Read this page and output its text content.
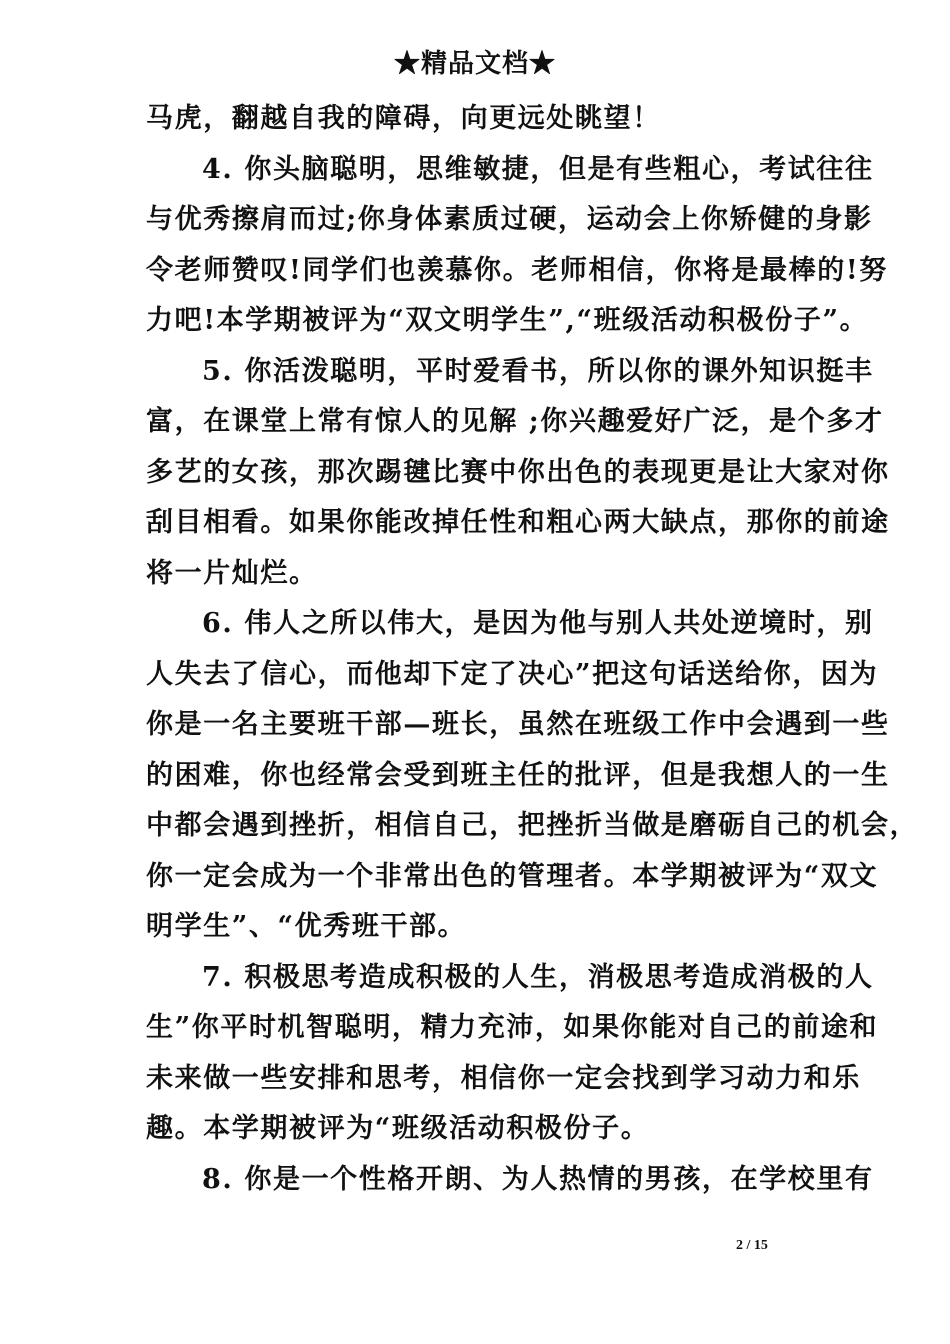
★精品文档★
马虎，翻越自我的障碍，向更远处眺望！
4. 你头脑聪明，思维敏捷，但是有些粗心，考试往往
与优秀擦肩而过;你身体素质过硬，运动会上你矫健的身影
令老师赞叹!同学们也羡慕你。老师相信，你将是最棒的!努
力吧!本学期被评为“双文明学生”,“班级活动积极份子”。
5. 你活泼聪明，平时爱看书，所以你的课外知识挺丰
富，在课堂上常有惊人的见解 ;你兴趣爱好广泛，是个多才
多艺的女孩，那次踢毽比赛中你出色的表现更是让大家对你
刮目相看。如果你能改掉任性和粗心两大缺点，那你的前途
将一片灿烂。
6. 伟人之所以伟大，是因为他与别人共处逆境时，别
人失去了信心，而他却下定了决心”把这句话送给你，因为
你是一名主要班干部—班长，虽然在班级工作中会遇到一些
的困难，你也经常会受到班主任的批评，但是我想人的一生
中都会遇到挫折，相信自己，把挫折当做是磨砺自己的机会，
你一定会成为一个非常出色的管理者。本学期被评为“双文
明学生”、“优秀班干部。
7. 积极思考造成积极的人生，消极思考造成消极的人
生”你平时机智聪明，精力充沛，如果你能对自己的前途和
未来做一些安排和思考，相信你一定会找到学习动力和乐
趣。本学期被评为“班级活动积极份子。
8. 你是一个性格开朗、为人热情的男孩，在学校里有
2 / 15
